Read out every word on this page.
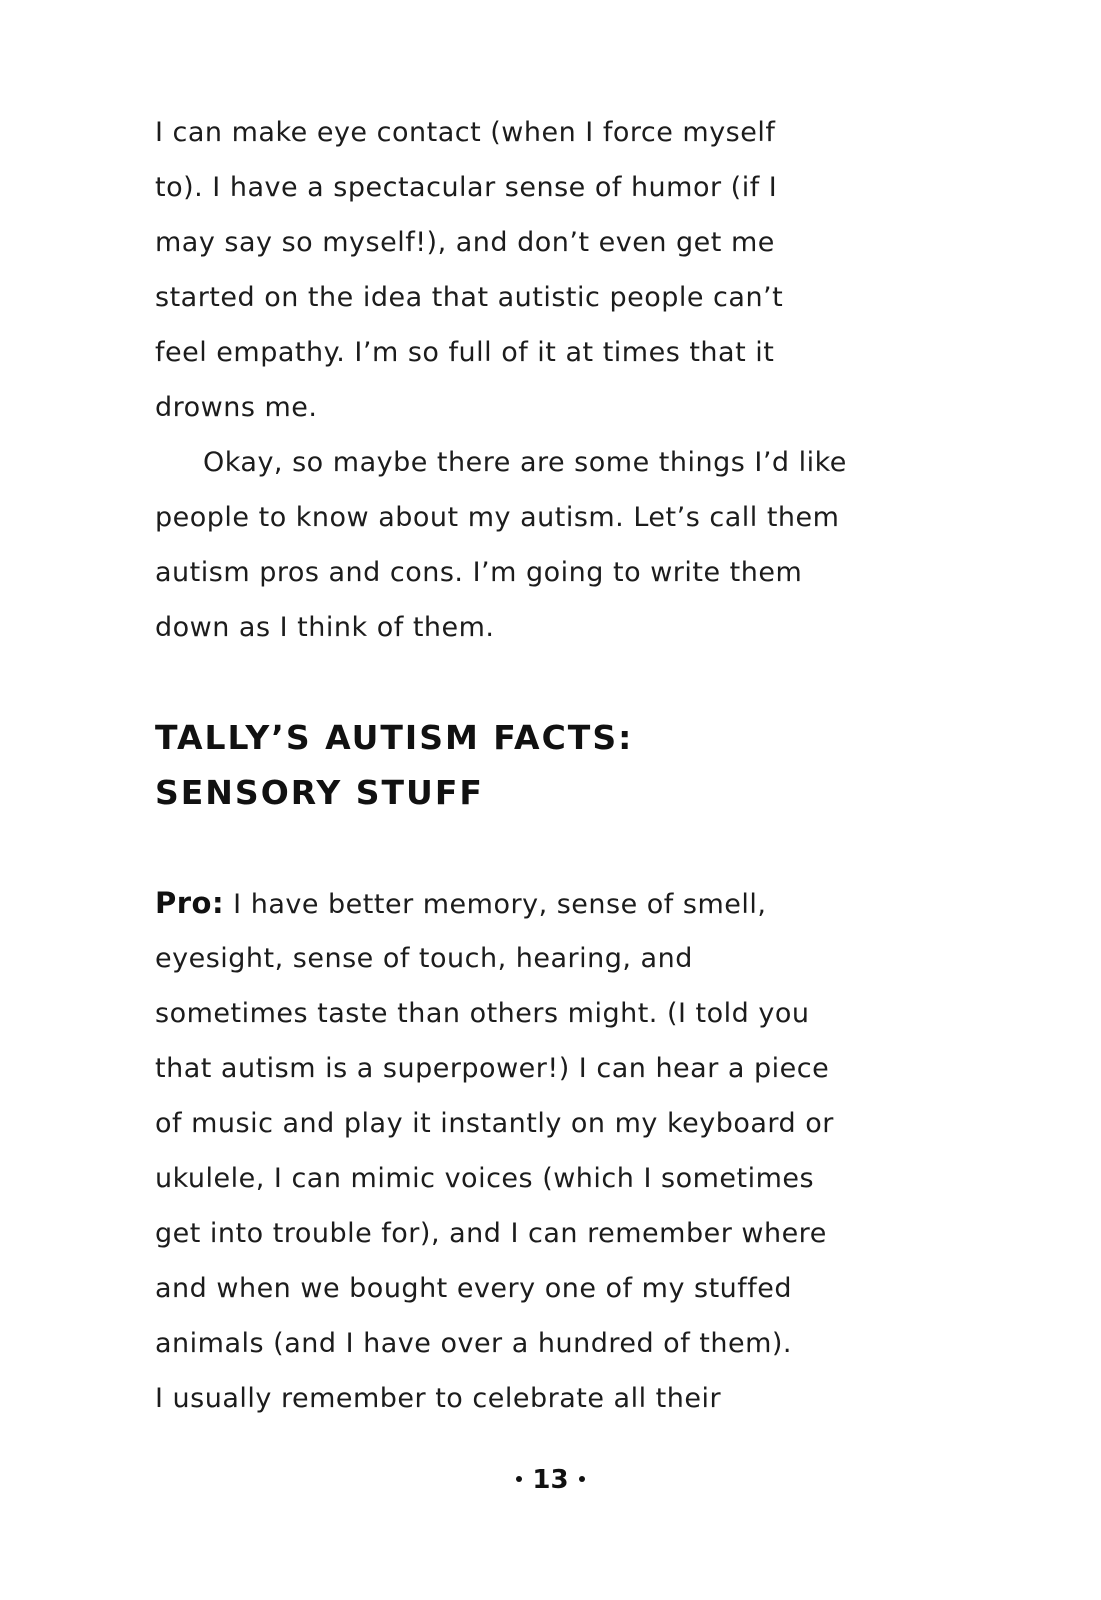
I can make eye contact (when I force myself
to). I have a spectacular sense of humor (if I
may say so myself!), and don’t even get me
started on the idea that autistic people can’t
feel empathy. I’m so full of it at times that it
drowns me.
Okay, so maybe there are some things I’d like
people to know about my autism. Let’s call them
autism pros and cons. I’m going to write them
down as I think of them.
TALLY’S AUTISM FACTS:
SENSORY STUFF
Pro: I have better memory, sense of smell,
eyesight, sense of touch, hearing, and
sometimes taste than others might. (I told you
that autism is a superpower!) I can hear a piece
of music and play it instantly on my keyboard or
ukulele, I can mimic voices (which I sometimes
get into trouble for), and I can remember where
and when we bought every one of my stuffed
animals (and I have over a hundred of them).
I usually remember to celebrate all their
13
